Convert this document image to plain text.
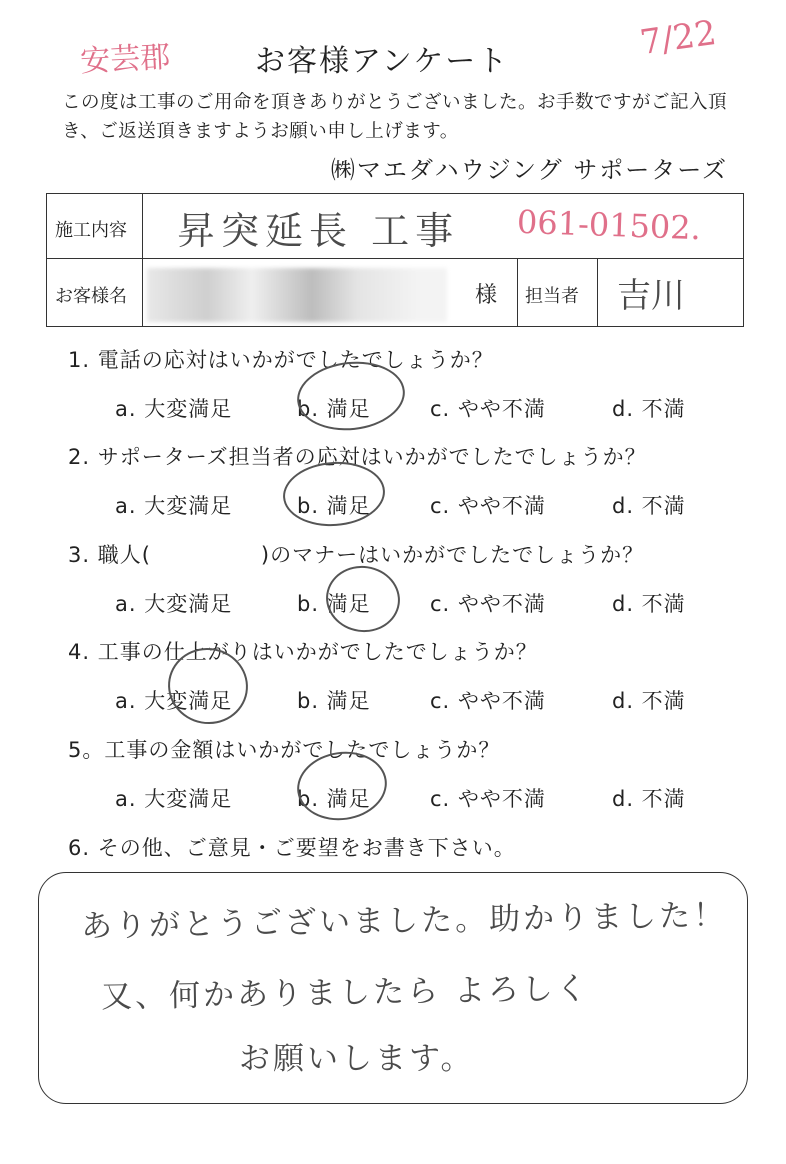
安芸郡	お客様アンケート	7/22
この度は工事のご用命を頂きありがとうございました。お手数ですがご記入頂き、ご返送頂きますようお願い申し上げます。
㈱マエダハウジング サポーターズ
施工内容 昇突延長 工事 061-01502.
お客様名	様 担当者 吉川
1. 電話の応対はいかがでしたでしょうか？
a. 大変満足	b. 満足	c. やや不満	d. 不満
2. サポーターズ担当者の応対はいかがでしたでしょうか？
a. 大変満足	b. 満足	c. やや不満	d. 不満
3. 職人(	)のマナーはいかがでしたでしょうか？
a. 大変満足	b. 満足	c. やや不満	d. 不満
4. 工事の仕上がりはいかがでしたでしょうか？
a. 大変満足	b. 満足	c. やや不満	d. 不満
5。工事の金額はいかがでしたでしょうか？
a. 大変満足	b. 満足	c. やや不満	d. 不満
6. その他、ご意見・ご要望をお書き下さい。
ありがとうございました。助かりました！
又、何かありましたら よろしく
お願いします。
